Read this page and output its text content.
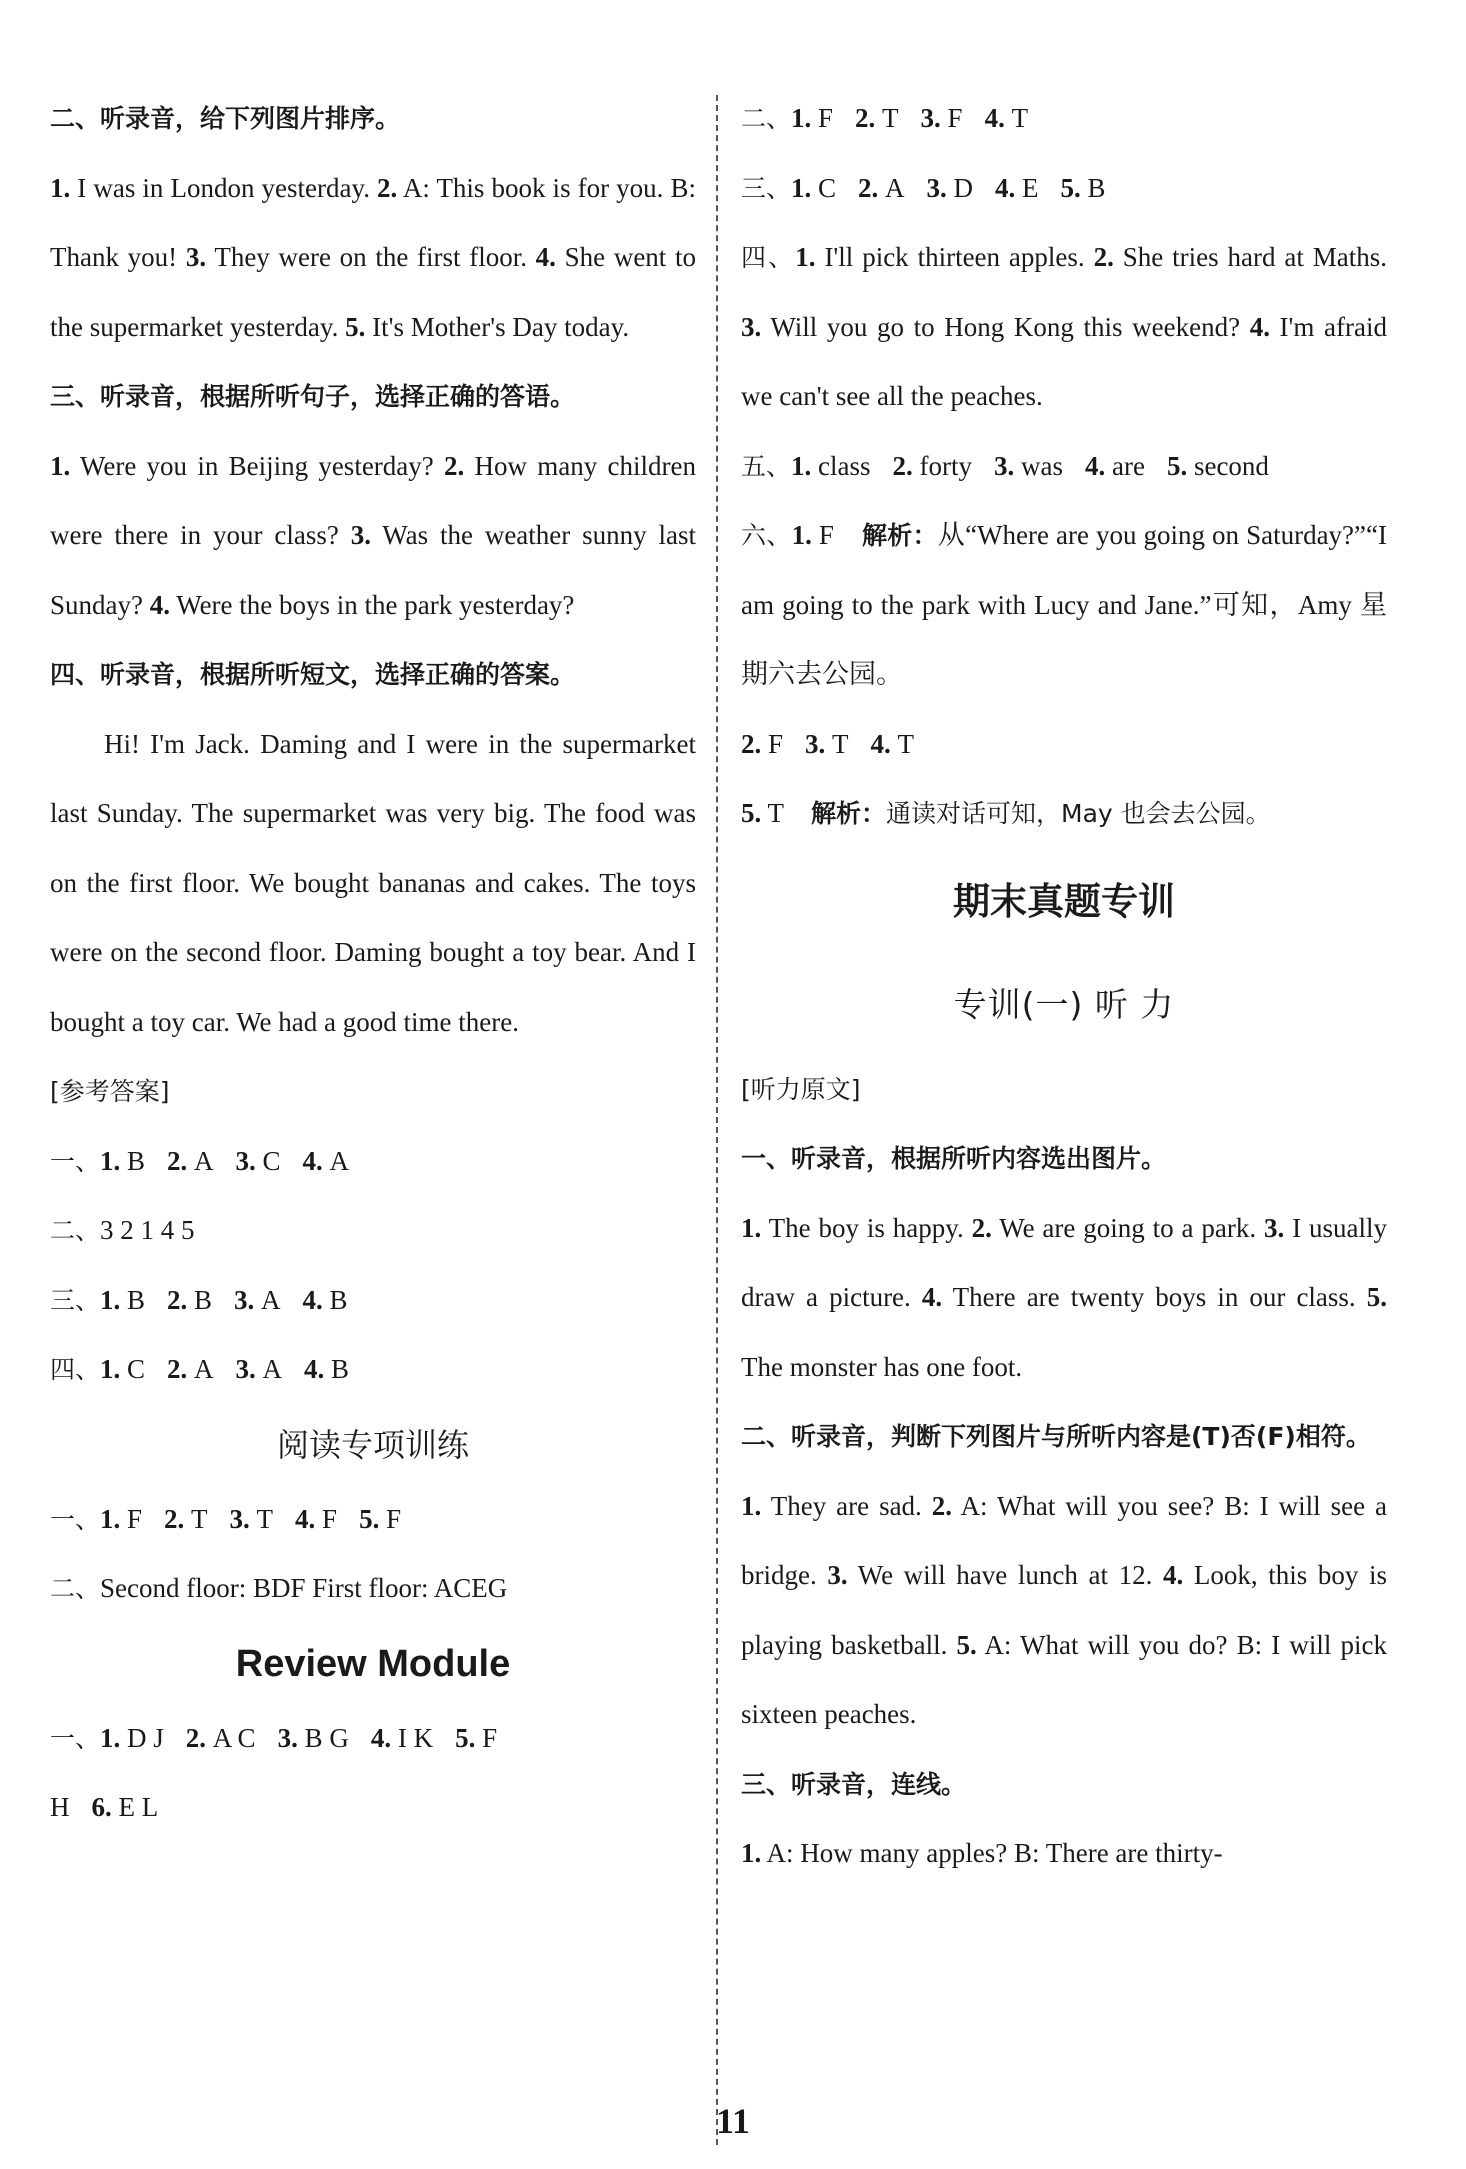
二、听录音，给下列图片排序。

1. I was in London yesterday. 2. A: This book is for you. B: Thank you! 3. They were on the first floor. 4. She went to the supermarket yesterday. 5. It's Mother's Day today.

三、听录音，根据所听句子，选择正确的答语。

1. Were you in Beijing yesterday? 2. How many children were there in your class? 3. Was the weather sunny last Sunday? 4. Were the boys in the park yesterday?

四、听录音，根据所听短文，选择正确的答案。

Hi! I'm Jack. Daming and I were in the supermarket last Sunday. The supermarket was very big. The food was on the first floor. We bought bananas and cakes. The toys were on the second floor. Daming bought a toy bear. And I bought a toy car. We had a good time there.

[参考答案]

一、1. B 2. A 3. C 4. A

二、3 2 1 4 5

三、1. B 2. B 3. A 4. B

四、1. C 2. A 3. A 4. B

阅读专项训练

一、1. F 2. T 3. T 4. F 5. F

二、Second floor: BDF First floor: ACEG

Review Module

一、1. D J 2. A C 3. B G 4. I K 5. F

H 6. E L

二、1. F 2. T 3. F 4. T

三、1. C 2. A 3. D 4. E 5. B

四、1. I'll pick thirteen apples. 2. She tries hard at Maths. 3. Will you go to Hong Kong this weekend? 4. I'm afraid we can't see all the peaches.

五、1. class 2. forty 3. was 4. are 5. second

六、1. F 解析：从“Where are you going on Saturday?”“I am going to the park with Lucy and Jane.”可知，Amy 星期六去公园。

2. F 3. T 4. T

5. T 解析：通读对话可知，May 也会去公园。

期末真题专训

专训(一) 听 力

[听力原文]

一、听录音，根据所听内容选出图片。

1. The boy is happy. 2. We are going to a park. 3. I usually draw a picture. 4. There are twenty boys in our class. 5. The monster has one foot.

二、听录音，判断下列图片与所听内容是(T)否(F)相符。

1. They are sad. 2. A: What will you see? B: I will see a bridge. 3. We will have lunch at 12. 4. Look, this boy is playing basketball. 5. A: What will you do? B: I will pick sixteen peaches.

三、听录音，连线。

1. A: How many apples? B: There are thirty-

11
